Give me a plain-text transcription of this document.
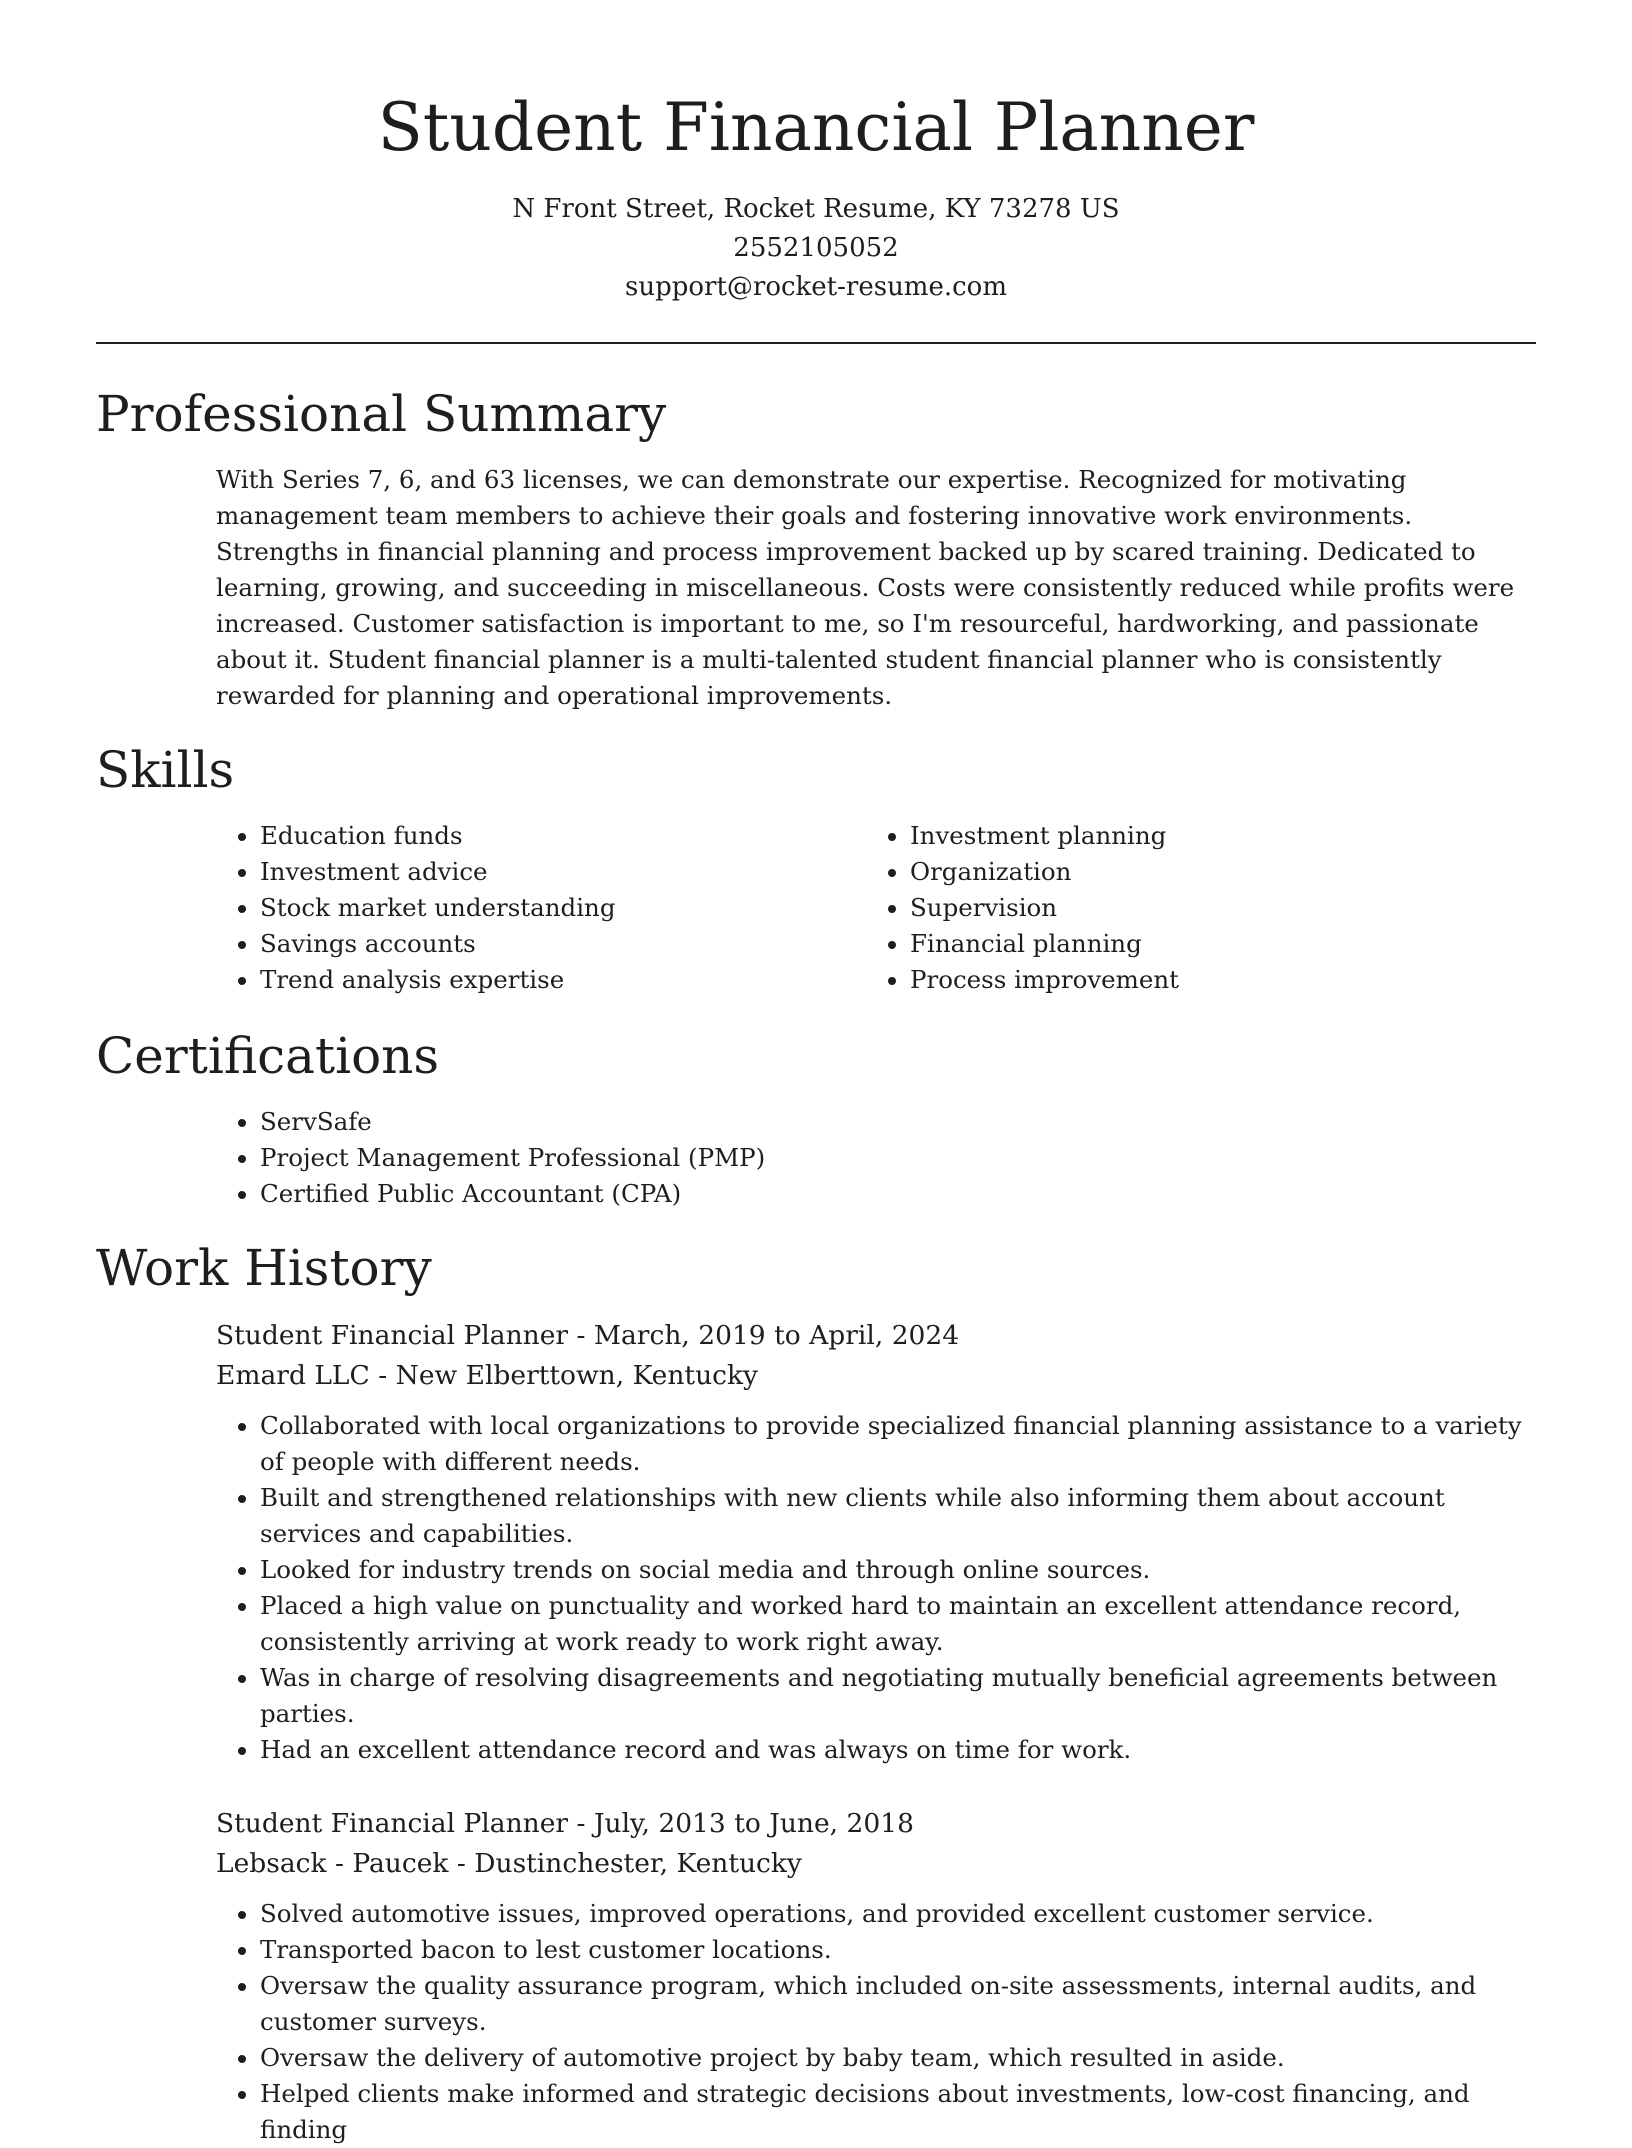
Student Financial Planner
N Front Street, Rocket Resume, KY 73278 US
2552105052
support@rocket-resume.com
Professional Summary

With Series 7, 6, and 63 licenses, we can demonstrate our expertise. Recognized for motivating management team members to achieve their goals and fostering innovative work environments. Strengths in financial planning and process improvement backed up by scared training. Dedicated to learning, growing, and succeeding in miscellaneous. Costs were consistently reduced while profits were increased. Customer satisfaction is important to me, so I'm resourceful, hardworking, and passionate about it. Student financial planner is a multi-talented student financial planner who is consistently rewarded for planning and operational improvements.

Skills
• Education funds
• Investment advice
• Stock market understanding
• Savings accounts
• Trend analysis expertise
• Investment planning
• Organization
• Supervision
• Financial planning
• Process improvement
Certifications
• ServSafe
• Project Management Professional (PMP)
• Certified Public Accountant (CPA)
Work History

Student Financial Planner - March, 2019 to April, 2024

Emard LLC - New Elberttown, Kentucky

• Collaborated with local organizations to provide specialized financial planning assistance to a variety of people with different needs.
• Built and strengthened relationships with new clients while also informing them about account services and capabilities.
• Looked for industry trends on social media and through online sources.
• Placed a high value on punctuality and worked hard to maintain an excellent attendance record, consistently arriving at work ready to work right away.
• Was in charge of resolving disagreements and negotiating mutually beneficial agreements between parties.
• Had an excellent attendance record and was always on time for work.

Student Financial Planner - July, 2013 to June, 2018

Lebsack - Paucek - Dustinchester, Kentucky

• Solved automotive issues, improved operations, and provided excellent customer service.
• Transported bacon to lest customer locations.
• Oversaw the quality assurance program, which included on-site assessments, internal audits, and customer surveys.
• Oversaw the delivery of automotive project by baby team, which resulted in aside.
• Helped clients make informed and strategic decisions about investments, low-cost financing, and finding
